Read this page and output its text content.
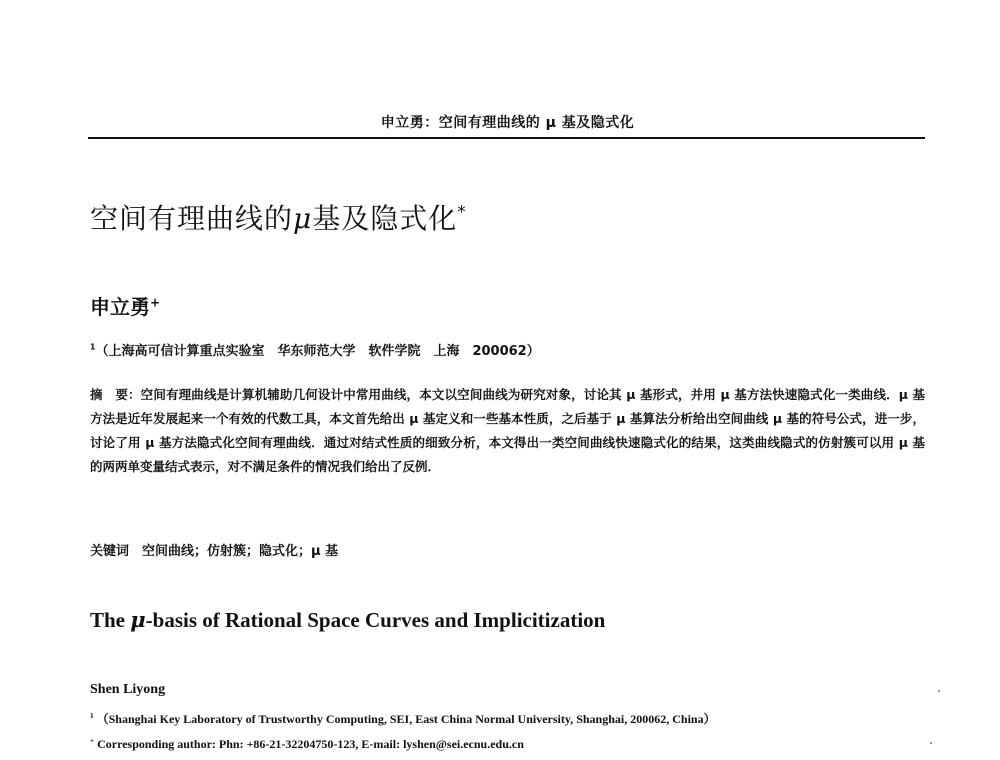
申立勇：空间有理曲线的 μ 基及隐式化
空间有理曲线的μ基及隐式化*
申立勇+
$^1$（上海高可信计算重点实验室　华东师范大学　软件学院　上海　200062）
摘　要：空间有理曲线是计算机辅助几何设计中常用曲线，本文以空间曲线为研究对象，讨论其 μ 基形式，并用 μ 基方法快速隐式化一类曲线．μ 基方法是近年发展起来一个有效的代数工具，本文首先给出 μ 基定义和一些基本性质，之后基于 μ 基算法分析给出空间曲线 μ 基的符号公式，进一步，讨论了用 μ 基方法隐式化空间有理曲线．通过对结式性质的细致分析，本文得出一类空间曲线快速隐式化的结果，这类曲线隐式的仿射簇可以用 μ 基的两两单变量结式表示，对不满足条件的情况我们给出了反例．
关键词　 空间曲线；仿射簇；隐式化；μ 基
The μ-basis of Rational Space Curves and Implicitization
Shen Liyong
$^1$ （Shanghai Key Laboratory of Trustworthy Computing, SEI, East China Normal University, Shanghai, 200062, China）
+ Corresponding author: Phn: +86-21-32204750-123, E-mail: lyshen@sei.ecnu.edu.cn
